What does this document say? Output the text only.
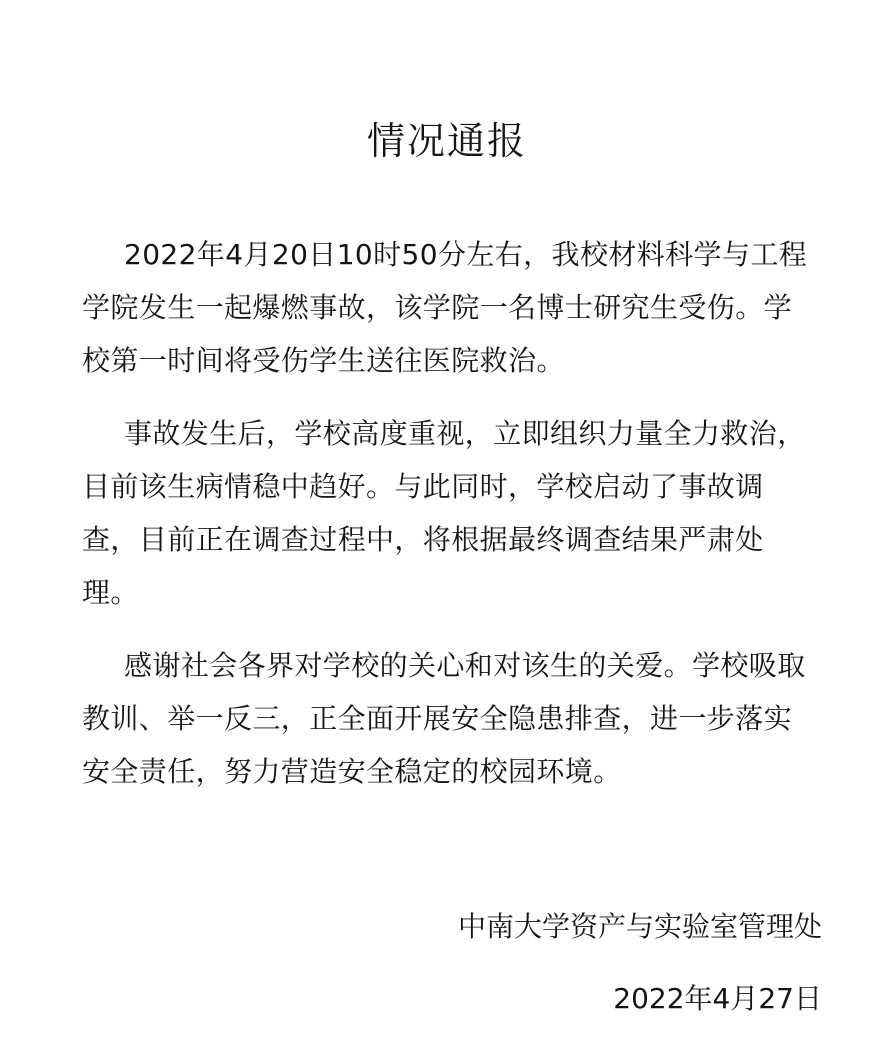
情况通报

2022年4月20日10时50分左右，我校材料科学与工程学院发生一起爆燃事故，该学院一名博士研究生受伤。学校第一时间将受伤学生送往医院救治。

事故发生后，学校高度重视，立即组织力量全力救治，目前该生病情稳中趋好。与此同时，学校启动了事故调查，目前正在调查过程中，将根据最终调查结果严肃处理。

感谢社会各界对学校的关心和对该生的关爱。学校吸取教训、举一反三，正全面开展安全隐患排查，进一步落实安全责任，努力营造安全稳定的校园环境。

中南大学资产与实验室管理处
2022年4月27日
